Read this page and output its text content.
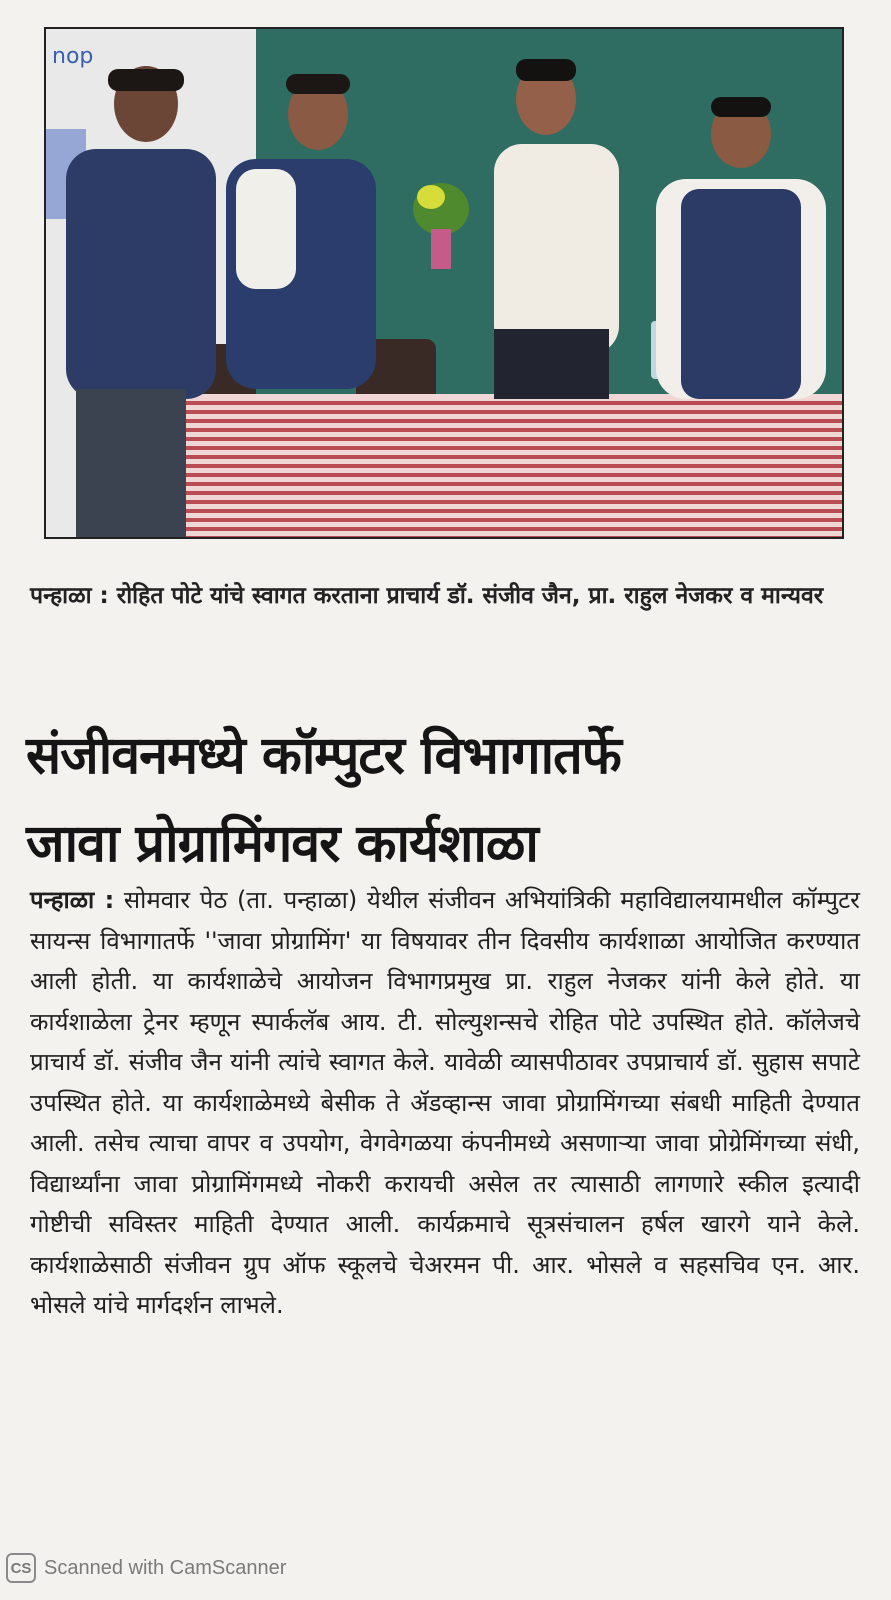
nop
पन्हाळा : रोहित पोटे यांचे स्वागत करताना प्राचार्य डॉ. संजीव जैन, प्रा. राहुल नेजकर व मान्यवर
संजीवनमध्ये कॉम्पुटर विभागातर्फे
जावा प्रोग्रामिंगवर कार्यशाळा
पन्हाळा : सोमवार पेठ (ता. पन्हाळा) येथील संजीवन अभियांत्रिकी महाविद्यालयामधील कॉम्पुटर सायन्स विभागातर्फे ''जावा प्रोग्रामिंग' या विषयावर तीन दिवसीय कार्यशाळा आयोजित करण्यात आली होती. या कार्यशाळेचे आयोजन विभागप्रमुख प्रा. राहुल नेजकर यांनी केले होते. या कार्यशाळेला ट्रेनर म्हणून स्पार्कलॅब आय. टी. सोल्युशन्सचे रोहित पोटे उपस्थित होते. कॉलेजचे प्राचार्य डॉ. संजीव जैन यांनी त्यांचे स्वागत केले. यावेळी व्यासपीठावर उपप्राचार्य डॉ. सुहास सपाटे उपस्थित होते. या कार्यशाळेमध्ये बेसीक ते ॲडव्हान्स जावा प्रोग्रामिंगच्या संबधी माहिती देण्यात आली. तसेच त्याचा वापर व उपयोग, वेगवेगळया कंपनीमध्ये असणाऱ्या जावा प्रोग्रेमिंगच्या संधी, विद्यार्थ्यांना जावा प्रोग्रामिंगमध्ये नोकरी करायची असेल तर त्यासाठी लागणारे स्कील इत्यादी गोष्टीची सविस्तर माहिती देण्यात आली. कार्यक्रमाचे सूत्रसंचालन हर्षल खारगे याने केले. कार्यशाळेसाठी संजीवन ग्रुप ऑफ स्कूलचे चेअरमन पी. आर. भोसले व सहसचिव एन. आर. भोसले यांचे मार्गदर्शन लाभले.
CS Scanned with CamScanner
